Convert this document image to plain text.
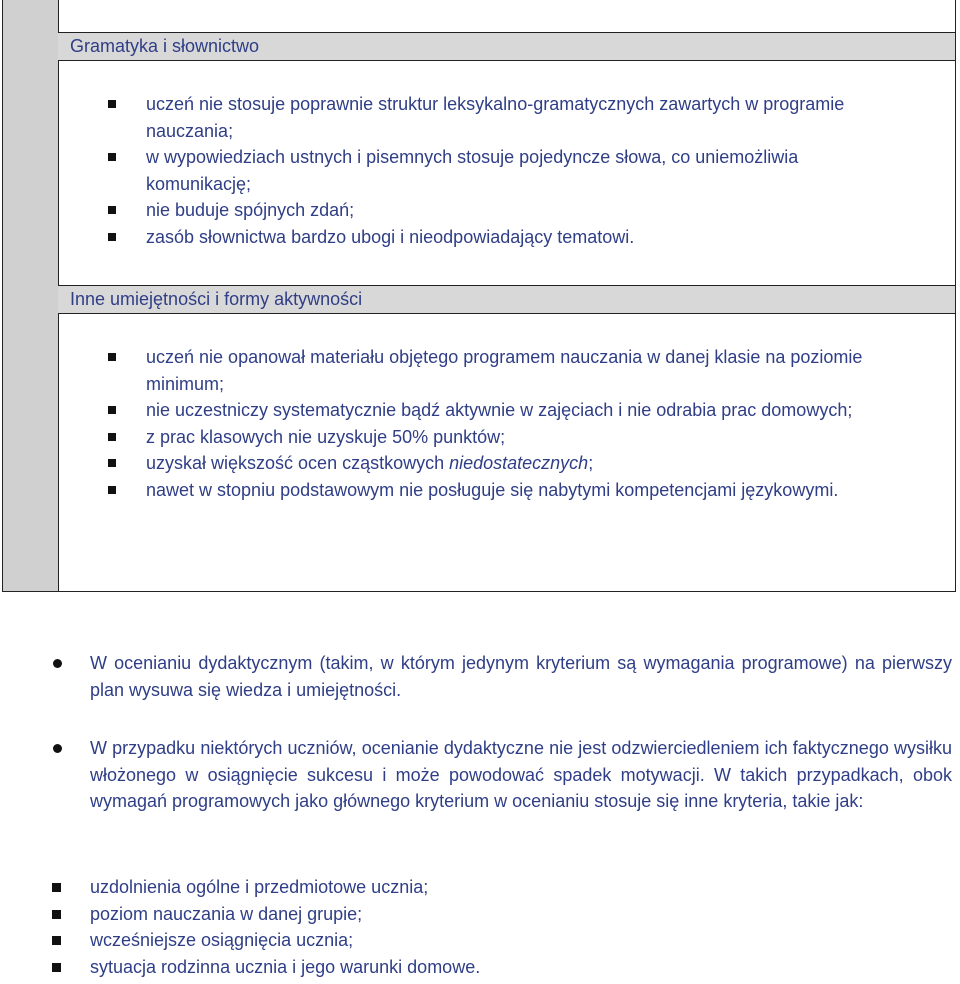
Gramatyka i słownictwo
uczeń nie stosuje poprawnie struktur leksykalno-gramatycznych zawartych w programie nauczania;
w wypowiedziach ustnych i pisemnych stosuje pojedyncze słowa, co uniemożliwia komunikację;
nie buduje spójnych zdań;
zasób słownictwa bardzo ubogi i nieodpowiadający tematowi.
Inne umiejętności i formy aktywności
uczeń nie opanował materiału objętego programem nauczania w danej klasie na poziomie minimum;
nie uczestniczy systematycznie bądź aktywnie w zajęciach i nie odrabia prac domowych;
z prac klasowych nie uzyskuje 50% punktów;
uzyskał większość ocen cząstkowych niedostatecznych;
nawet w stopniu podstawowym nie posługuje się nabytymi kompetencjami językowymi.

W ocenianiu dydaktycznym (takim, w którym jedynym kryterium są wymagania programowe) na pierwszy plan wysuwa się wiedza i umiejętności.

W przypadku niektórych uczniów, ocenianie dydaktyczne nie jest odzwierciedleniem ich faktycznego wysiłku włożonego w osiągnięcie sukcesu i może powodować spadek motywacji. W takich przypadkach, obok wymagań programowych jako głównego kryterium w ocenianiu stosuje się inne kryteria, takie jak:

uzdolnienia ogólne i przedmiotowe ucznia;
poziom nauczania w danej grupie;
wcześniejsze osiągnięcia ucznia;
sytuacja rodzinna ucznia i jego warunki domowe.
